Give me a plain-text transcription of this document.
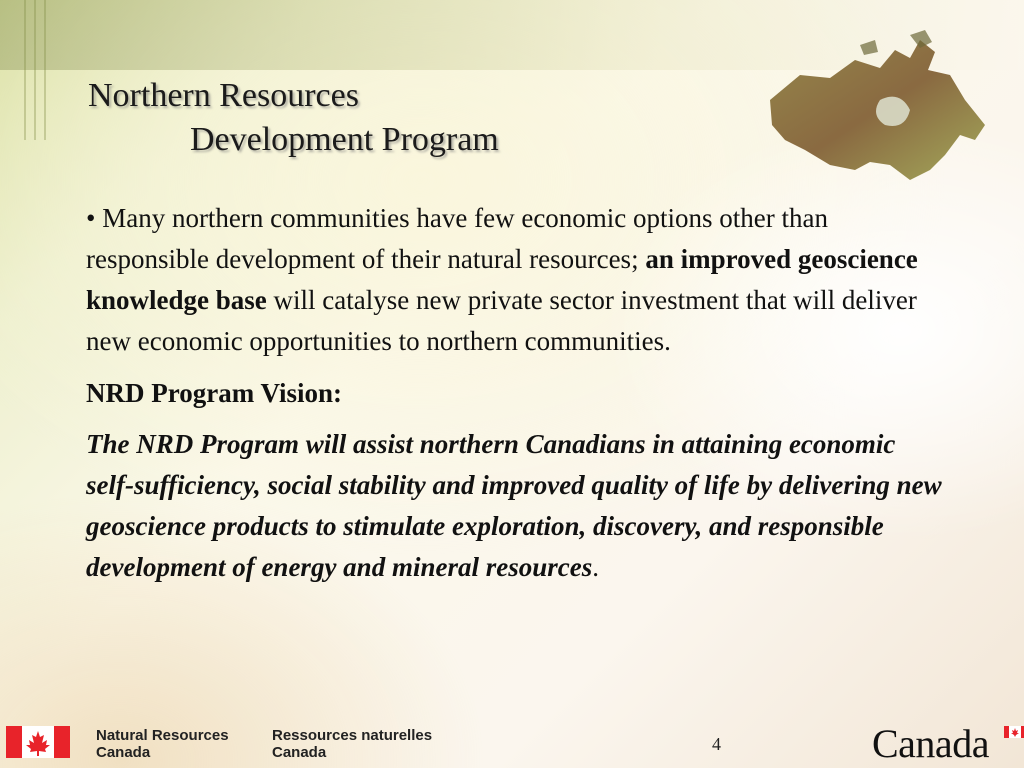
Northern Resources
Development Program

• Many northern communities have few economic options other than responsible development of their natural resources; an improved geoscience knowledge base will catalyse new private sector investment that will deliver new economic opportunities to northern communities.

NRD Program Vision:

The NRD Program will assist northern Canadians in attaining economic self-sufficiency, social stability and improved quality of life by delivering new geoscience products to stimulate exploration, discovery, and responsible development of energy and mineral resources.

Natural Resources
Canada
Ressources naturelles
Canada	4	Canada
